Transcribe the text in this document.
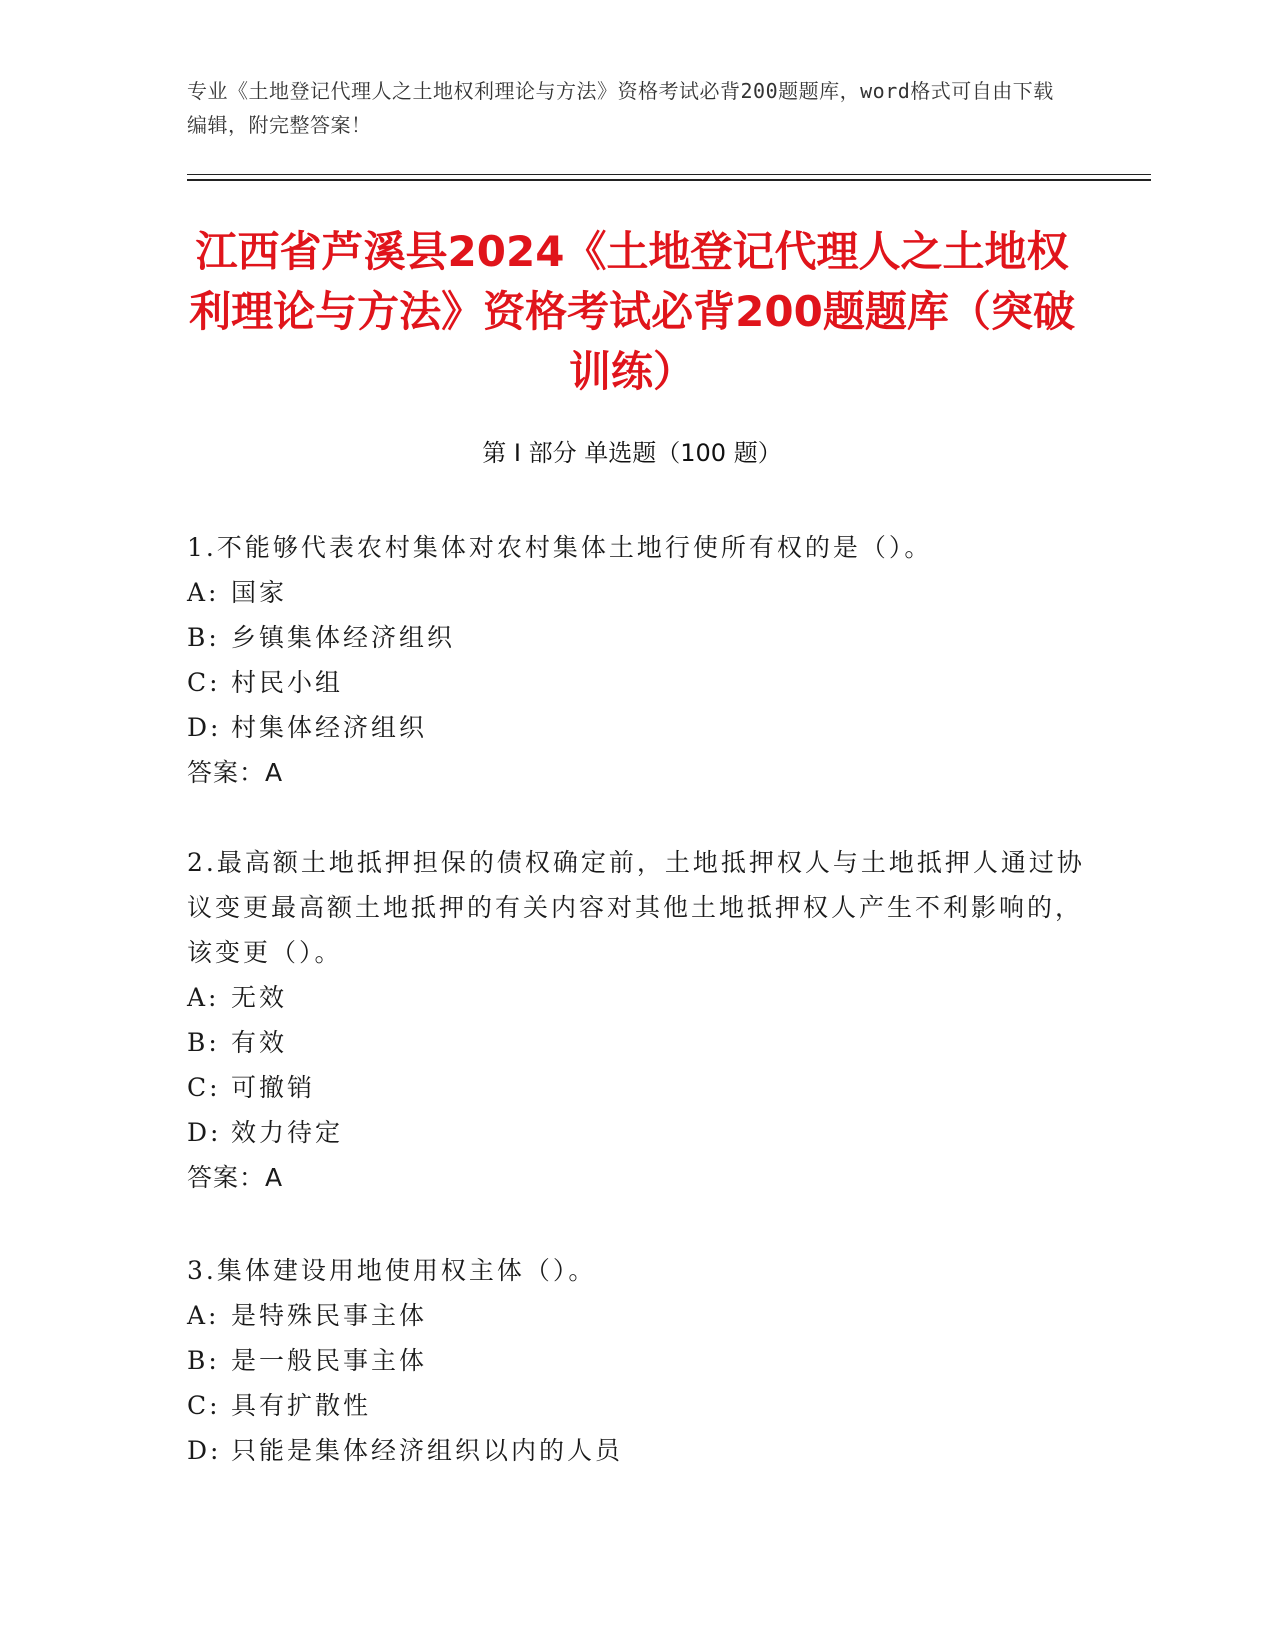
专业《土地登记代理人之土地权利理论与方法》资格考试必背200题题库，word格式可自由下载编辑，附完整答案！
江西省芦溪县2024《土地登记代理人之土地权利理论与方法》资格考试必背200题题库（突破训练）
第 I 部分 单选题（100 题）

1.不能够代表农村集体对农村集体土地行使所有权的是（）。

A: 国家

B: 乡镇集体经济组织

C: 村民小组

D: 村集体经济组织

答案：A

2.最高额土地抵押担保的债权确定前，土地抵押权人与土地抵押人通过协议变更最高额土地抵押的有关内容对其他土地抵押权人产生不利影响的，该变更（）。

A: 无效

B: 有效

C: 可撤销

D: 效力待定

答案：A

3.集体建设用地使用权主体（）。

A: 是特殊民事主体

B: 是一般民事主体

C: 具有扩散性

D: 只能是集体经济组织以内的人员
